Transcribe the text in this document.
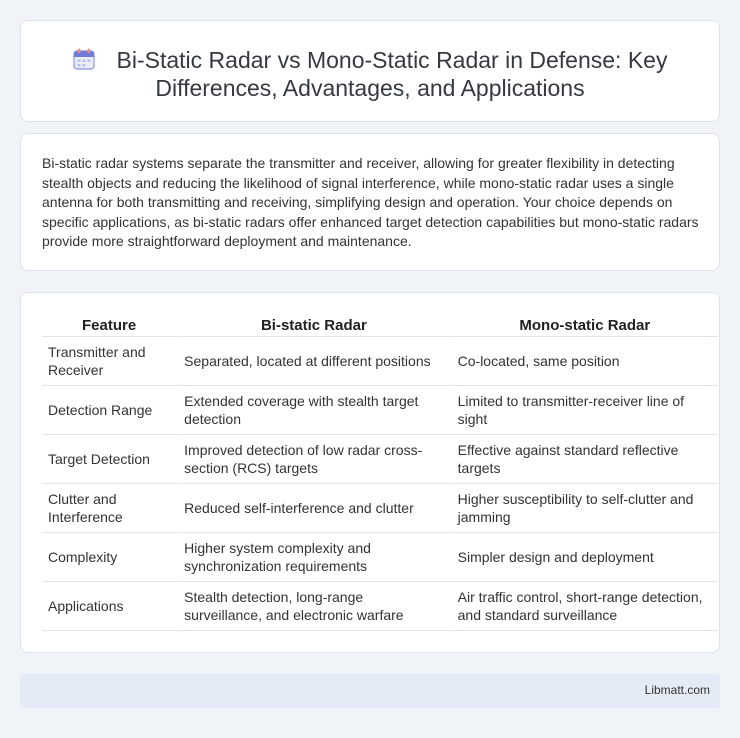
Bi-Static Radar vs Mono-Static Radar in Defense: Key Differences, Advantages, and Applications

Bi-static radar systems separate the transmitter and receiver, allowing for greater flexibility in detecting stealth objects and reducing the likelihood of signal interference, while mono-static radar uses a single antenna for both transmitting and receiving, simplifying design and operation. Your choice depends on specific applications, as bi-static radars offer enhanced target detection capabilities but mono-static radars provide more straightforward deployment and maintenance.

Feature	Bi-static Radar	Mono-static Radar
Transmitter and Receiver	Separated, located at different positions	Co-located, same position
Detection Range	Extended coverage with stealth target detection	Limited to transmitter-receiver line of sight
Target Detection	Improved detection of low radar cross-section (RCS) targets	Effective against standard reflective targets
Clutter and Interference	Reduced self-interference and clutter	Higher susceptibility to self-clutter and jamming
Complexity	Higher system complexity and synchronization requirements	Simpler design and deployment
Applications	Stealth detection, long-range surveillance, and electronic warfare	Air traffic control, short-range detection, and standard surveillance
Libmatt.com
